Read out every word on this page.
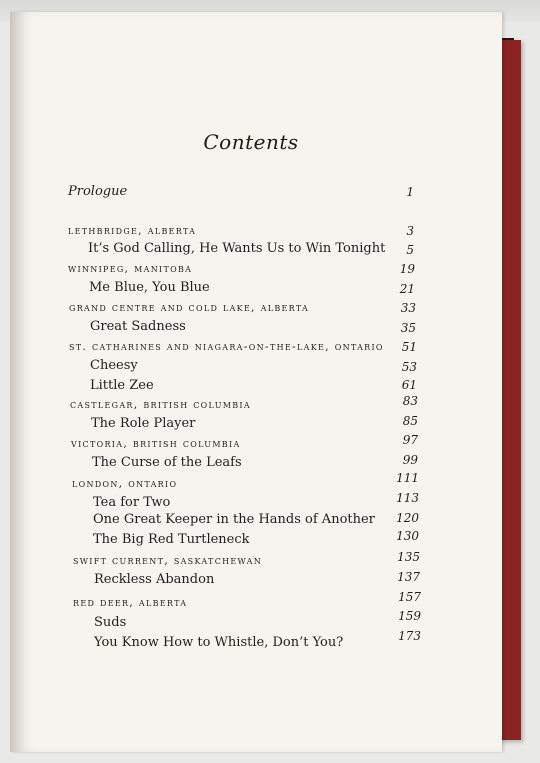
Contents
Prologue	1
lethbridge, alberta	3
It’s God Calling, He Wants Us to Win Tonight	5
winnipeg, manitoba	19
Me Blue, You Blue	21
grand centre and cold lake, alberta	33
Great Sadness	35
st. catharines and niagara-on-the-lake, ontario	51
Cheesy	53
Little Zee	61
castlegar, british columbia	83
The Role Player	85
victoria, british columbia	97
The Curse of the Leafs	99
london, ontario	111
Tea for Two	113
One Great Keeper in the Hands of Another	120
The Big Red Turtleneck	130
swift current, saskatchewan	135
Reckless Abandon	137
red deer, alberta	157
Suds	159
You Know How to Whistle, Don’t You?	173
